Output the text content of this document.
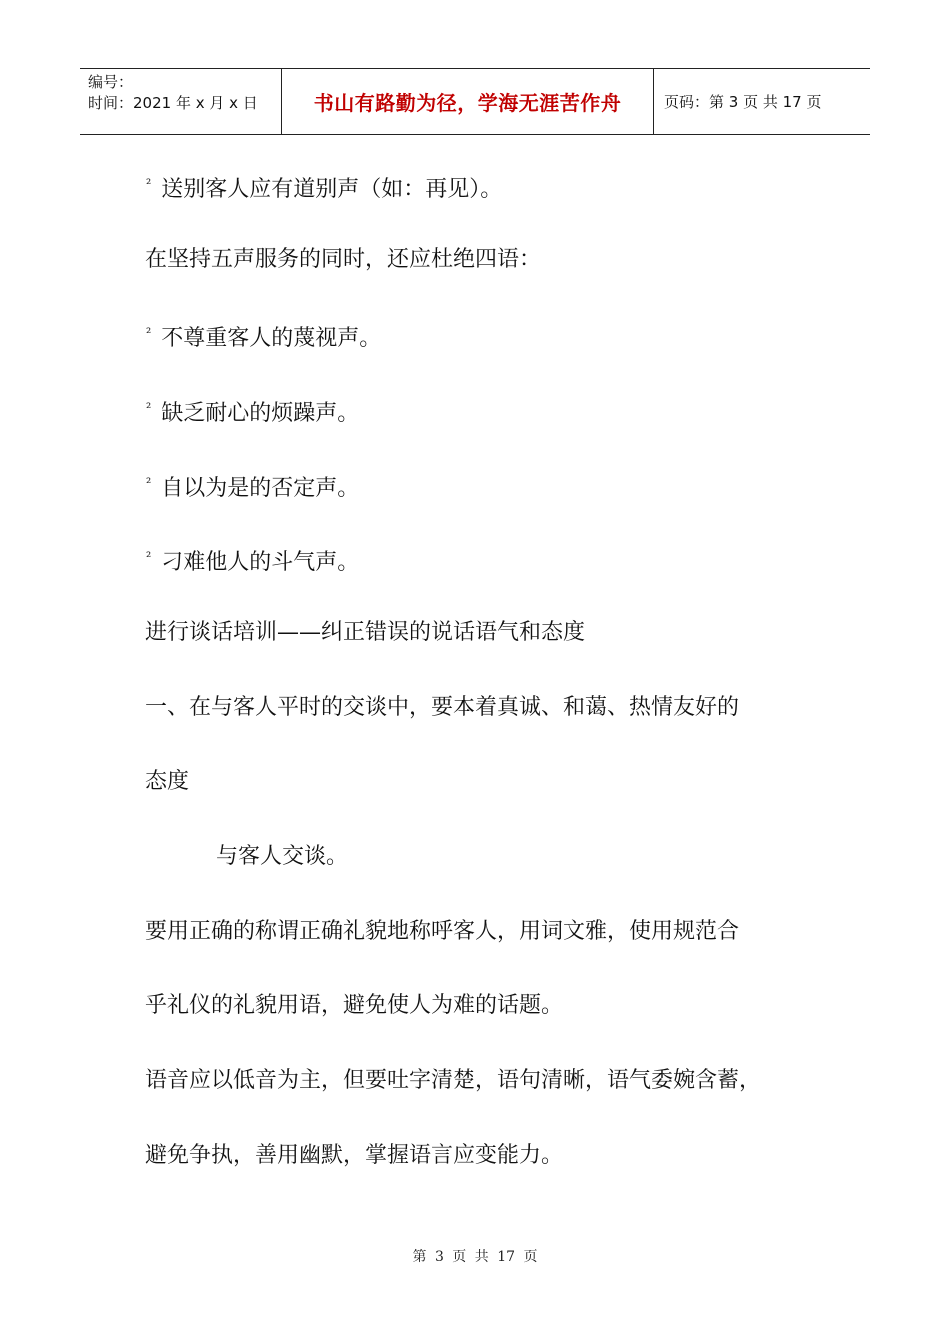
编号：
时间：2021 年 x 月 x 日	书山有路勤为径，学海无涯苦作舟	页码：第 3 页 共 17 页
$^{^2}$ 送别客人应有道别声（如：再见）。
在坚持五声服务的同时，还应杜绝四语：
$^{^2}$ 不尊重客人的蔑视声。
$^{^2}$ 缺乏耐心的烦躁声。
$^{^2}$ 自以为是的否定声。
$^{^2}$ 刁难他人的斗气声。
进行谈话培训——纠正错误的说话语气和态度
一、在与客人平时的交谈中，要本着真诚、和蔼、热情友好的
态度
与客人交谈。
要用正确的称谓正确礼貌地称呼客人，用词文雅，使用规范合
乎礼仪的礼貌用语，避免使人为难的话题。
语音应以低音为主，但要吐字清楚，语句清晰，语气委婉含蓄，
避免争执，善用幽默，掌握语言应变能力。
第 3 页 共 17 页
